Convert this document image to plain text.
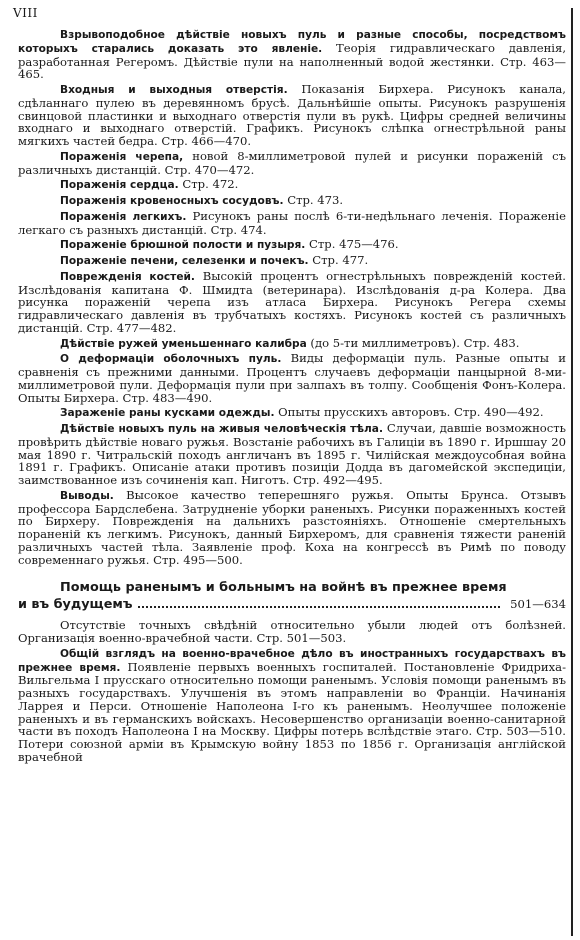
VIII

Взрывоподобное дѣйствіе новыхъ пуль и разные способы, посредствомъ которыхъ старались доказать это явленіе. Теорія гидравлическаго давленія, разработанная Регеромъ. Дѣйствіе пули на наполненный водой жестянки. Стр. 463—465.

Входныя и выходныя отверстія. Показанія Бирхера. Рисунокъ канала, сдѣланнаго пулею въ деревянномъ брусѣ. Дальнѣйшіе опыты. Рисунокъ разрушенія свинцовой пластинки и выходнаго отверстія пули въ рукѣ. Цифры средней величины входнаго и выходнаго отверстій. Графикъ. Рисунокъ слѣпка огнестрѣльной раны мягкихъ частей бедра. Стр. 466—470.

Пораженія черепа, новой 8-миллиметровой пулей и рисунки пораженій съ различныхъ дистанцій. Стр. 470—472.

Пораженія сердца. Стр. 472.

Пораженія кровеносныхъ сосудовъ. Стр. 473.

Пораженія легкихъ. Рисунокъ раны послѣ 6-ти-недѣльнаго леченія. Пораженіе легкаго съ разныхъ дистанцій. Стр. 474.

Пораженіе брюшной полости и пузыря. Стр. 475—476.

Пораженіе печени, селезенки и почекъ. Стр. 477.

Поврежденія костей. Высокій процентъ огнестрѣльныхъ поврежденій костей. Изслѣдованія капитана Ф. Шмидта (ветеринара). Изслѣдованія д-ра Колера. Два рисунка пораженій черепа изъ атласа Бирхера. Рисунокъ Регера схемы гидравлическаго давленія въ трубчатыхъ костяхъ. Рисунокъ костей съ различныхъ дистанцій. Стр. 477—482.

Дѣйствіе ружей уменьшеннаго калибра (до 5-ти миллиметровъ). Стр. 483.

О деформаціи оболочныхъ пуль. Виды деформаціи пуль. Разные опыты и сравненія съ прежними данными. Процентъ случаевъ деформаціи панцырной 8-ми-миллиметровой пули. Деформація пули при залпахъ въ толпу. Сообщенія Фонъ-Колера. Опыты Бирхера. Стр. 483—490.

Зараженіе раны кусками одежды. Опыты прусскихъ авторовъ. Стр. 490—492.

Дѣйствіе новыхъ пуль на живыя человѣческія тѣла. Случаи, давшіе возможность провѣрить дѣйствіе новаго ружья. Возстаніе рабочихъ въ Галиціи въ 1890 г. Иршшау 20 мая 1890 г. Читральскій походъ англичанъ въ 1895 г. Чилійская междоусобная война 1891 г. Графикъ. Описаніе атаки противъ позиціи Додда въ дагомейской экспедиціи, заимствованное изъ сочиненія кап. Ниготъ. Стр. 492—495.

Выводы. Высокое качество теперешняго ружья. Опыты Брунса. Отзывъ профессора Бардслебена. Затрудненіе уборки раненыхъ. Рисунки пораженныхъ костей по Бирхеру. Поврежденія на дальнихъ разстояніяхъ. Отношеніе смертельныхъ пораненій къ легкимъ. Рисунокъ, данный Бирхеромъ, для сравненія тяжести раненій различныхъ частей тѣла. Заявленіе проф. Коха на конгрессѣ въ Римѣ по поводу современнаго ружья. Стр. 495—500.

Помощь раненымъ и больнымъ на войнѣ въ прежнее время

и въ будущемъ	501—634

Отсутствіе точныхъ свѣдѣній относительно убыли людей отъ болѣзней. Организація военно-врачебной части. Стр. 501—503.

Общій взглядъ на военно-врачебное дѣло въ иностранныхъ государствахъ въ прежнее время. Появленіе первыхъ военныхъ госпиталей. Постановленіе Фридриха-Вильгельма I прусскаго относительно помощи раненымъ. Условія помощи раненымъ въ разныхъ государствахъ. Улучшенія въ этомъ направленіи во Франціи. Начинанія Ларрея и Перси. Отношеніе Наполеона I-го къ раненымъ. Неолучшее положеніе раненыхъ и въ германскихъ войскахъ. Несовершенство организаціи военно-санитарной части въ походъ Наполеона I на Москву. Цифры потерь вслѣдствіе этаго. Стр. 503—510. Потери союзной арміи въ Крымскую войну 1853 по 1856 г. Организація англійской врачебной
